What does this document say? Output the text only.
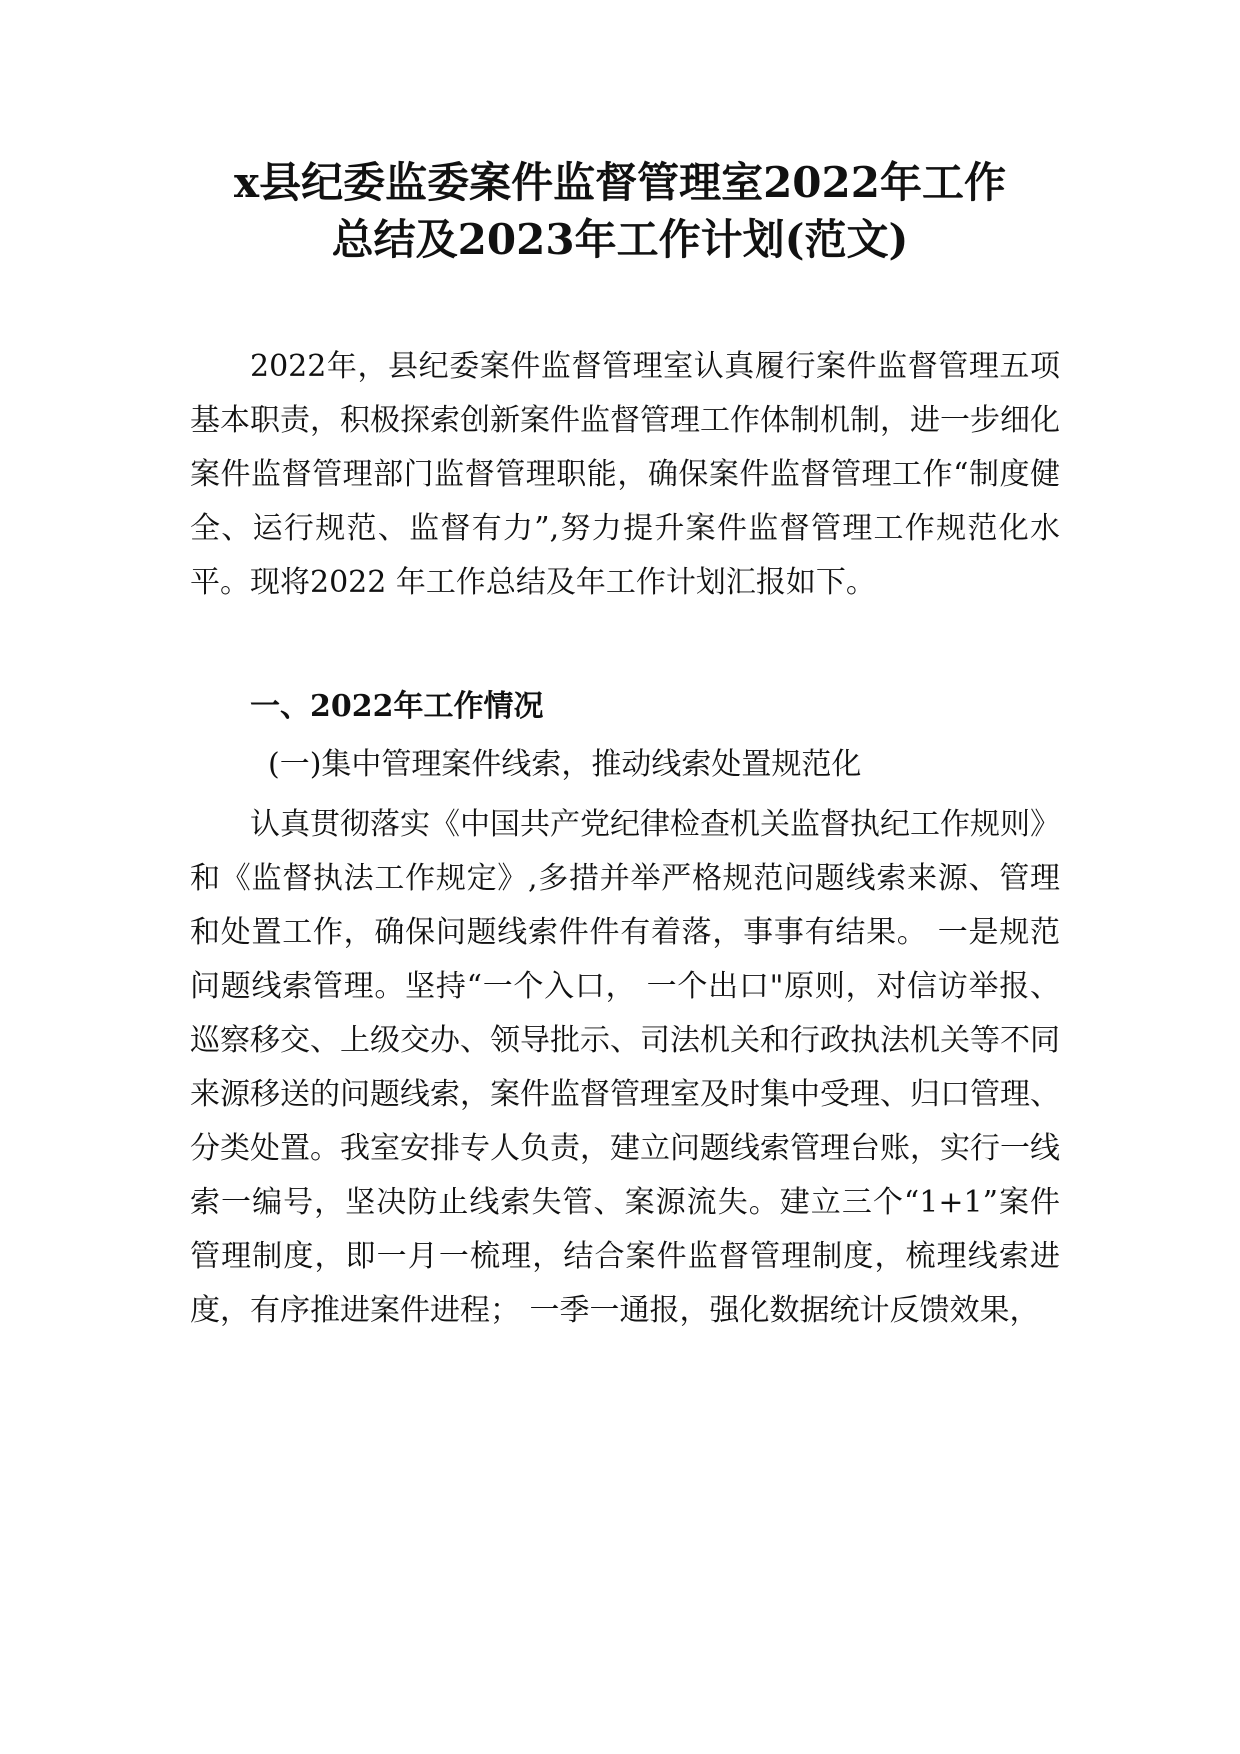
x县纪委监委案件监督管理室2022年工作
总结及2023年工作计划(范文)

2022年，县纪委案件监督管理室认真履行案件监督管理五项基本职责，积极探索创新案件监督管理工作体制机制，进一步细化案件监督管理部门监督管理职能，确保案件监督管理工作“制度健全、运行规范、监督有力”,努力提升案件监督管理工作规范化水平。现将2022 年工作总结及年工作计划汇报如下。

一、2022年工作情况

(一)集中管理案件线索，推动线索处置规范化

认真贯彻落实《中国共产党纪律检查机关监督执纪工作规则》和《监督执法工作规定》,多措并举严格规范问题线索来源、管理和处置工作，确保问题线索件件有着落，事事有结果。 一是规范问题线索管理。坚持“一个入口， 一个出口"原则，对信访举报、巡察移交、上级交办、领导批示、司法机关和行政执法机关等不同来源移送的问题线索，案件监督管理室及时集中受理、归口管理、分类处置。我室安排专人负责，建立问题线索管理台账，实行一线索一编号，坚决防止线索失管、案源流失。建立三个“1+1”案件管理制度，即一月一梳理，结合案件监督管理制度，梳理线索进度，有序推进案件进程； 一季一通报，强化数据统计反馈效果，
